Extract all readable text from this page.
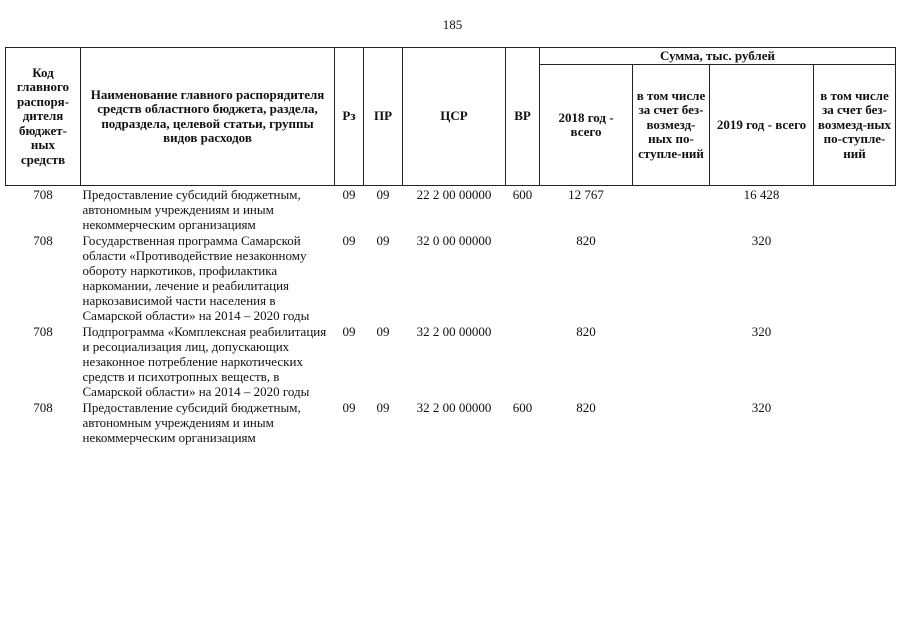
185
Код главного распоря-дителя бюджет-ных средств	Наименование главного распорядителя средств областного бюджета, раздела, подраздела, целевой статьи, группы видов расходов	Рз	ПР	ЦСР	ВР	Сумма, тыс. рублей			
						2018 год - всего	в том числе за счет без-возмезд-ных по-ступле-ний	2019 год - всего	в том числе за счет без-возмезд-ных по-ступле-ний
708	Предоставление субсидий бюджетным, автономным учреждениям и иным некоммерческим организациям	09	09	22 2 00 00000	600	12 767		16 428	
708	Государственная программа Самарской области «Противодействие незаконному обороту наркотиков, профилактика наркомании, лечение и реабилитация наркозависимой части населения в Самарской области» на 2014 – 2020 годы	09	09	32 0 00 00000		820		320	
708	Подпрограмма «Комплексная реабилитация и ресоциализация лиц, допускающих незаконное потребление наркотических средств и психотропных веществ, в Самарской области» на 2014 – 2020 годы	09	09	32 2 00 00000		820		320	
708	Предоставление субсидий бюджетным, автономным учреждениям и иным некоммерческим организациям	09	09	32 2 00 00000	600	820		320	
